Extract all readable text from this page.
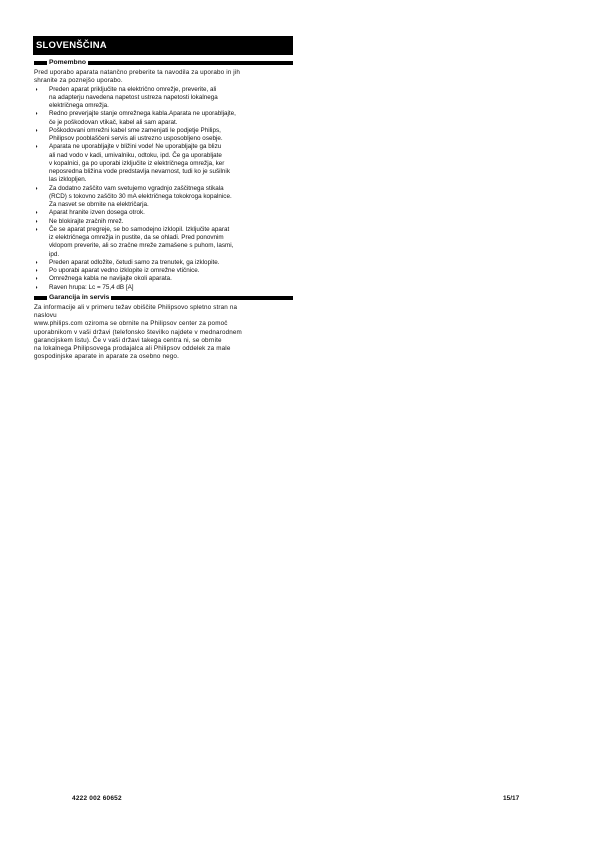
SLOVENŠČINA
Pomembno

Pred uporabo aparata natančno preberite ta navodila za uporabo in jih
shranite za poznejšo uporabo.

◗ Preden aparat priključite na električno omrežje, preverite, ali
na adapterju navedena napetost ustreza napetosti lokalnega
električnega omrežja.
◗ Redno preverjajte stanje omrežnega kabla.Aparata ne uporabljajte,
če je poškodovan vtikač, kabel ali sam aparat.
◗ Poškodovani omrežni kabel sme zamenjati le podjetje Philips,
Philipsov pooblaščeni servis ali ustrezno usposobljeno osebje.
◗ Aparata ne uporabljajte v bližini vode! Ne uporabljajte ga blizu
ali nad vodo v kadi, umivalniku, odtoku, ipd. Če ga uporabljate
v kopalnici, ga po uporabi izključite iz električnega omrežja, ker
neposredna bližina vode predstavlja nevarnost, tudi ko je sušilnik
las izklopljen.
◗ Za dodatno zaščito vam svetujemo vgradnjo zaščitnega stikala
(RCD) s tokovno zaščito 30 mA električnega tokokroga kopalnice.
Za nasvet se obrnite na električarja.
◗ Aparat hranite izven dosega otrok.
◗ Ne blokirajte zračnih mrež.
◗ Če se aparat pregreje, se bo samodejno izklopil. Izključite aparat
iz električnega omrežja in pustite, da se ohladi. Pred ponovnim
vklopom preverite, ali so zračne mreže zamašene s puhom, lasmi,
ipd.
◗ Preden aparat odložite, četudi samo za trenutek, ga izklopite.
◗ Po uporabi aparat vedno izklopite iz omrežne vtičnice.
◗ Omrežnega kabla ne navijajte okoli aparata.
◗ Raven hrupa: Lc = 75,4 dB [A]
Garancija in servis

Za informacije ali v primeru težav obiščite Philipsovo spletno stran na
naslovu
www.philips.com oziroma se obrnite na Philipsov center za pomoč
uporabnikom v vaši državi (telefonsko številko najdete v mednarodnem
garancijskem listu). Če v vaši državi takega centra ni, se obrnite
na lokalnega Philipsovega prodajalca ali Philipsov oddelek za male
gospodinjske aparate in aparate za osebno nego.

4222 002 60652	15/17
